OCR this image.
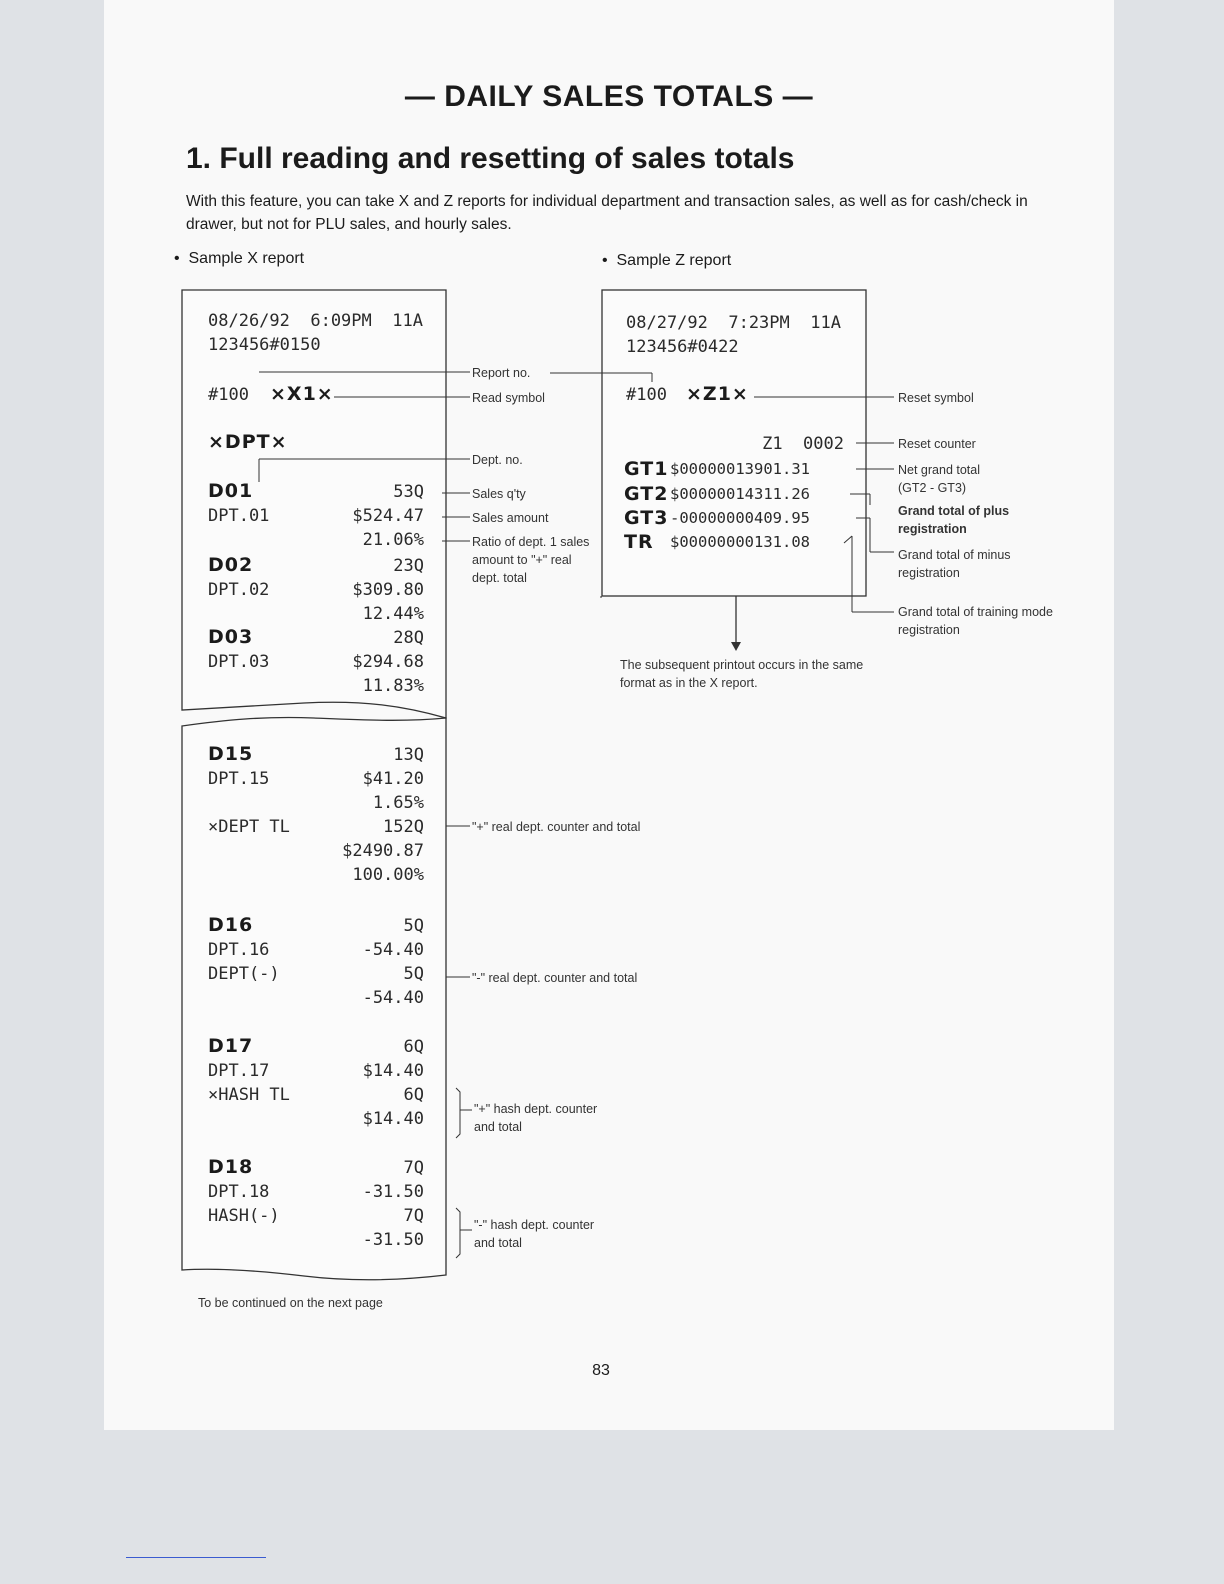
— DAILY SALES TOTALS —
1. Full reading and resetting of sales totals
With this feature, you can take X and Z reports for individual department and transaction sales, as well as for cash/check in drawer, but not for PLU sales, and hourly sales.
•  Sample X report	•  Sample Z report
08/26/92  6:09PM  11A
123456#0150
#100 ×X1×
×DPT×
D01	53Q
DPT.01	$524.47
21.06%
D02	23Q
DPT.02	$309.80
12.44%
D03	28Q
DPT.03	$294.68
11.83%
D15	13Q
DPT.15	$41.20
1.65%
×DEPT TL	152Q
$2490.87
100.00%
D16	5Q
DPT.16	-54.40
DEPT(-)	5Q
-54.40
D17	6Q
DPT.17	$14.40
×HASH TL	6Q
$14.40
D18	7Q
DPT.18	-31.50
HASH(-)	7Q
-31.50
Report no.
Read symbol
Dept. no.
Sales q'ty
Sales amount
Ratio of dept. 1 sales amount to "+" real dept. total
"+" real dept. counter and total
"-" real dept. counter and total
"+" hash dept. counter and total
"-" hash dept. counter and total
08/27/92  7:23PM  11A
123456#0422
#100 ×Z1×
Z1  0002
GT1 $00000013901.31
GT2 $00000014311.26
GT3 -00000000409.95
TR $00000000131.08
Reset symbol
Reset counter
Net grand total (GT2 - GT3)
Grand total of plus registration
Grand total of minus registration
Grand total of training mode registration
The subsequent printout occurs in the same format as in the X report.
To be continued on the next page
83
